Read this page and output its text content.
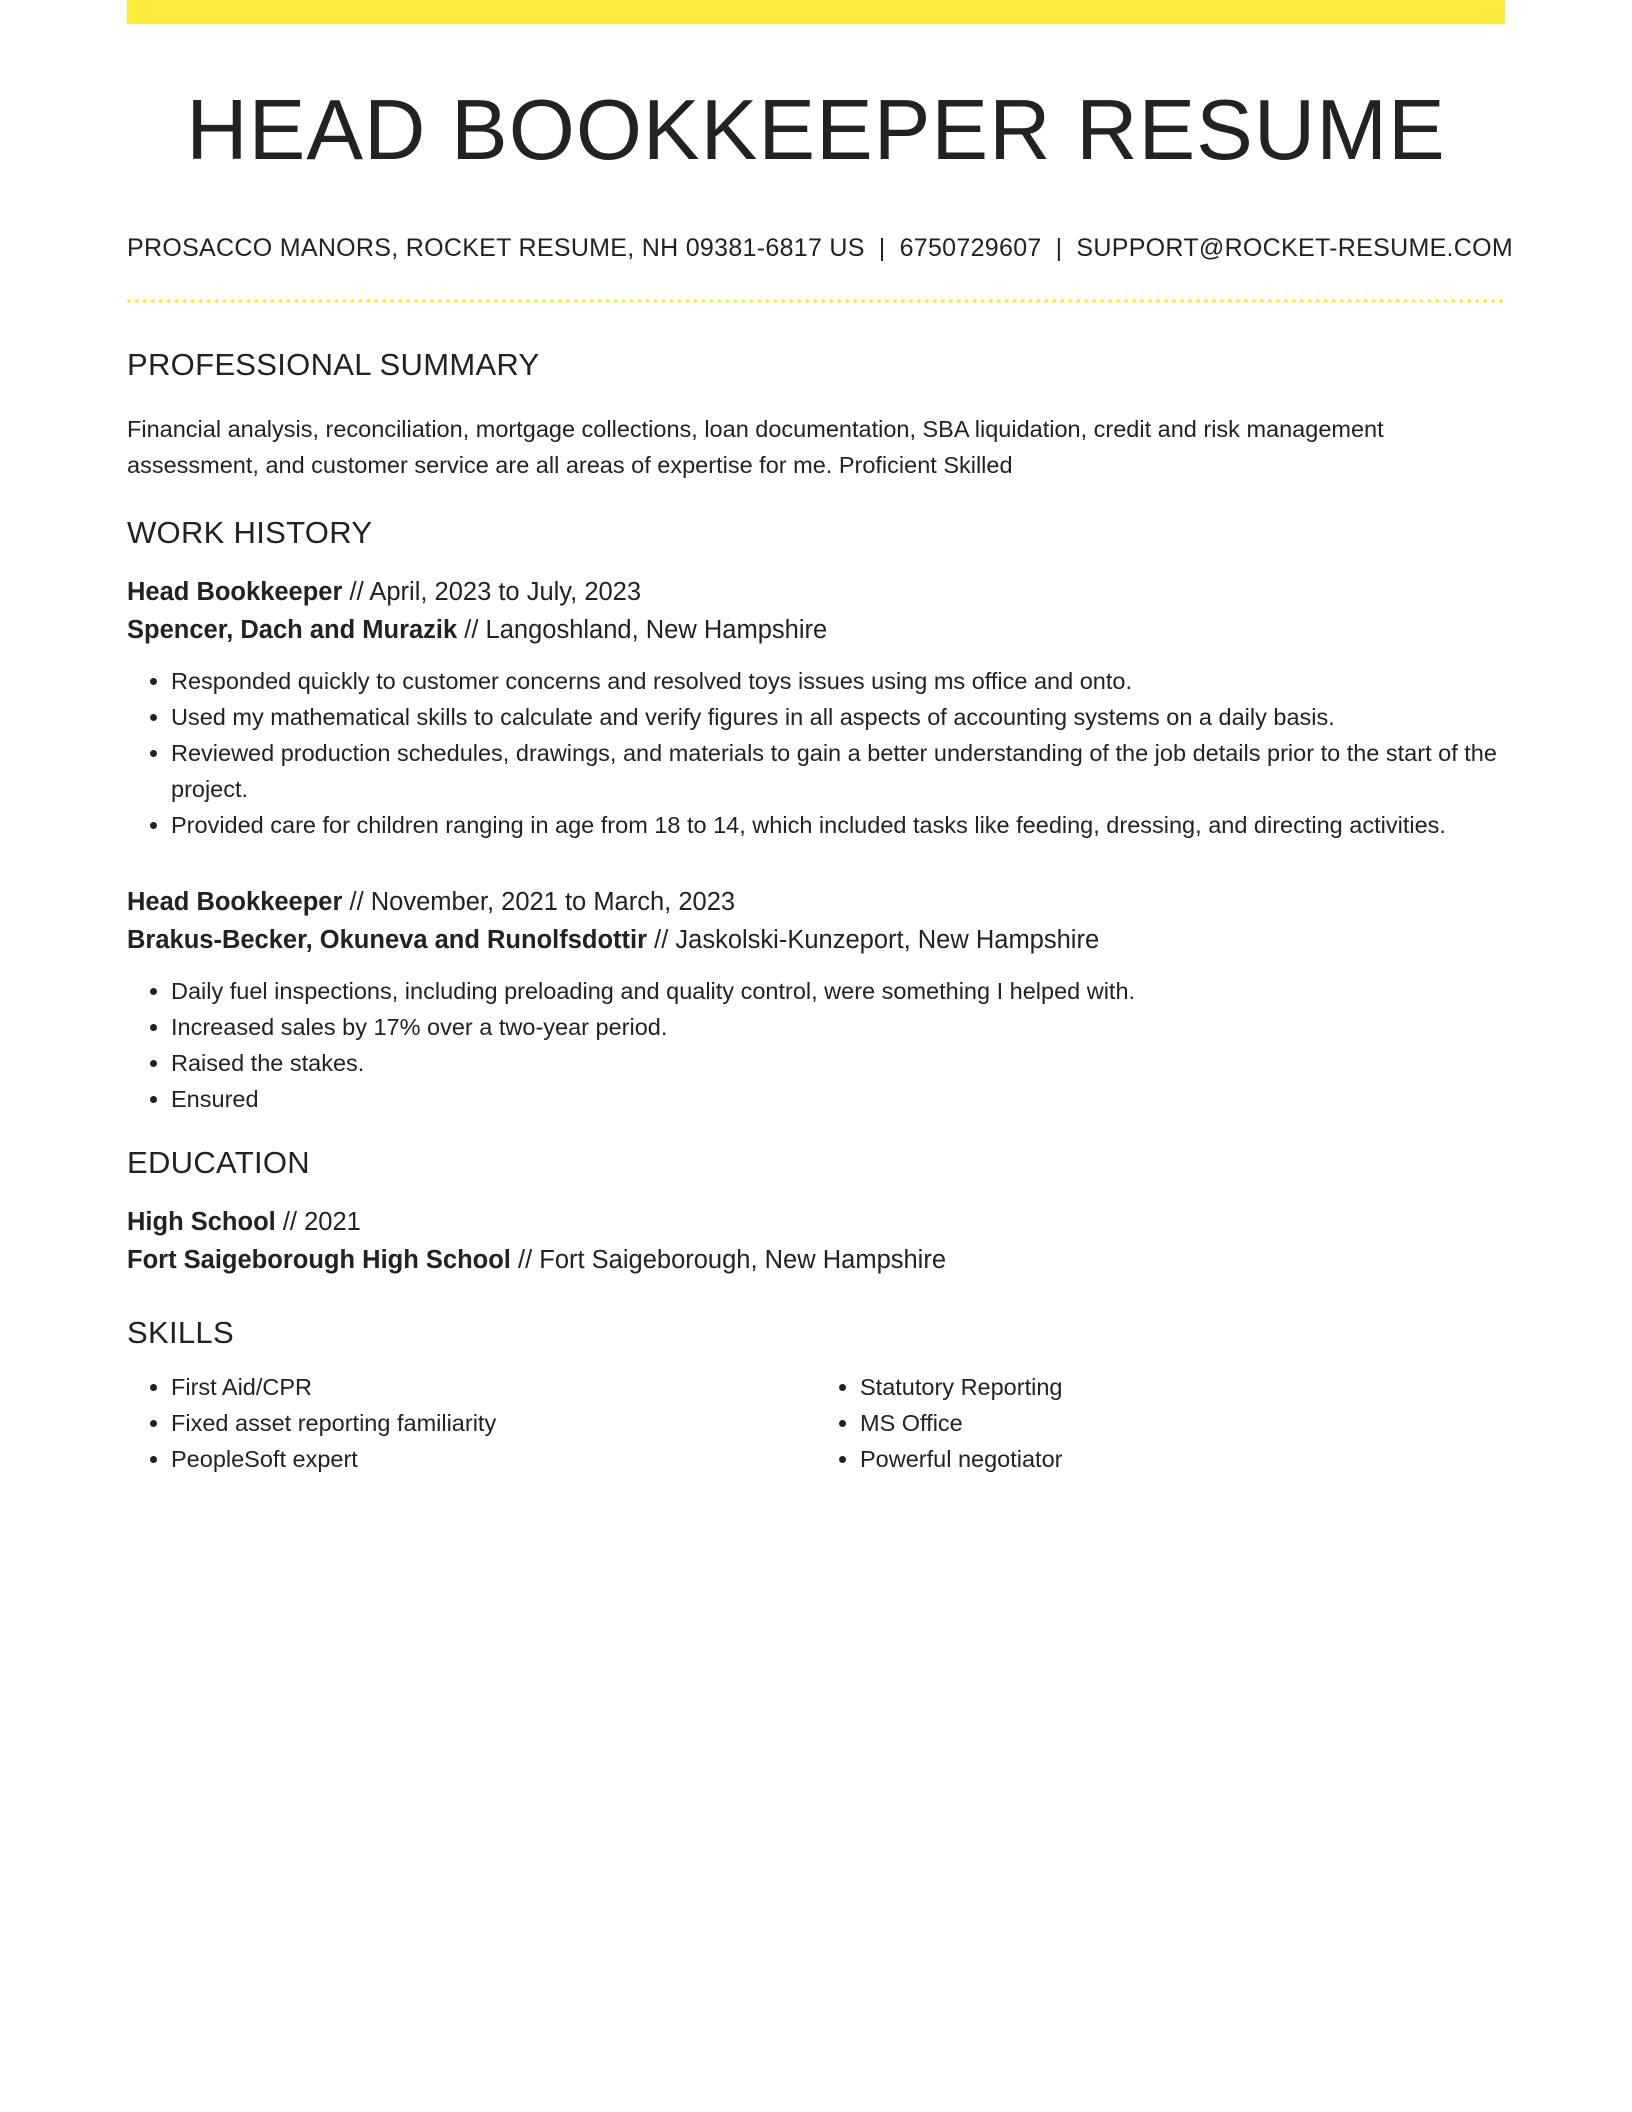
HEAD BOOKKEEPER RESUME
PROSACCO MANORS, ROCKET RESUME, NH 09381-6817 US | 6750729607 | SUPPORT@ROCKET-RESUME.COM
PROFESSIONAL SUMMARY
Financial analysis, reconciliation, mortgage collections, loan documentation, SBA liquidation, credit and risk management assessment, and customer service are all areas of expertise for me. Proficient Skilled
WORK HISTORY
Head Bookkeeper // April, 2023 to July, 2023
Spencer, Dach and Murazik // Langoshland, New Hampshire
• Responded quickly to customer concerns and resolved toys issues using ms office and onto.
• Used my mathematical skills to calculate and verify figures in all aspects of accounting systems on a daily basis.
• Reviewed production schedules, drawings, and materials to gain a better understanding of the job details prior to the start of the project.
• Provided care for children ranging in age from 18 to 14, which included tasks like feeding, dressing, and directing activities.
Head Bookkeeper // November, 2021 to March, 2023
Brakus-Becker, Okuneva and Runolfsdottir // Jaskolski-Kunzeport, New Hampshire
• Daily fuel inspections, including preloading and quality control, were something I helped with.
• Increased sales by 17% over a two-year period.
• Raised the stakes.
• Ensured
EDUCATION
High School // 2021
Fort Saigeborough High School // Fort Saigeborough, New Hampshire
SKILLS
• First Aid/CPR
• Fixed asset reporting familiarity
• PeopleSoft expert
• Statutory Reporting
• MS Office
• Powerful negotiator
